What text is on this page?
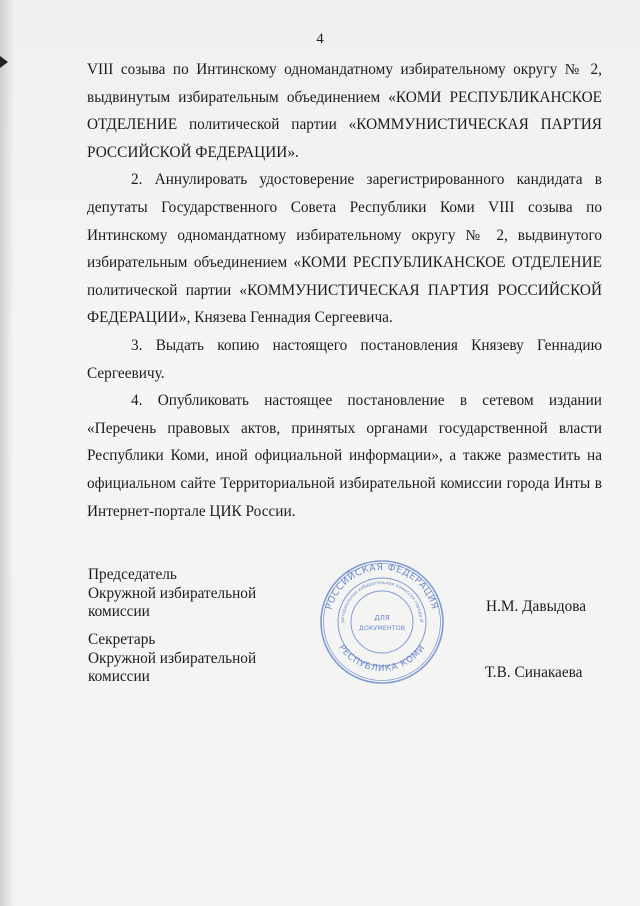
4

VIII созыва по Интинскому одномандатному избирательному округу № 2, выдвинутым избирательным объединением «КОМИ РЕСПУБЛИКАНСКОЕ ОТДЕЛЕНИЕ политической партии «КОММУНИСТИЧЕСКАЯ ПАРТИЯ РОССИЙСКОЙ ФЕДЕРАЦИИ».

2. Аннулировать удостоверение зарегистрированного кандидата в депутаты Государственного Совета Республики Коми VIII созыва по Интинскому одномандатному избирательному округу № 2, выдвинутого избирательным объединением «КОМИ РЕСПУБЛИКАНСКОЕ ОТДЕЛЕНИЕ политической партии «КОММУНИСТИЧЕСКАЯ ПАРТИЯ РОССИЙСКОЙ ФЕДЕРАЦИИ», Князева Геннадия Сергеевича.

3. Выдать копию настоящего постановления Князеву Геннадию Сергеевичу.

4. Опубликовать настоящее постановление в сетевом издании «Перечень правовых актов, принятых органами государственной власти Республики Коми, иной официальной информации», а также разместить на официальном сайте Территориальной избирательной комиссии города Инты в Интернет-портале ЦИК России.

Председатель
Окружной избирательной
комиссии	Н.М. Давыдова
Секретарь
Окружной избирательной
комиссии	Т.В. Синакаева
РОССИЙСКАЯ ФЕДЕРАЦИЯ
РЕСПУБЛИКА КОМИ
риториальная избирательная комиссия города И
ДЛЯ
ДОКУМЕНТОВ
